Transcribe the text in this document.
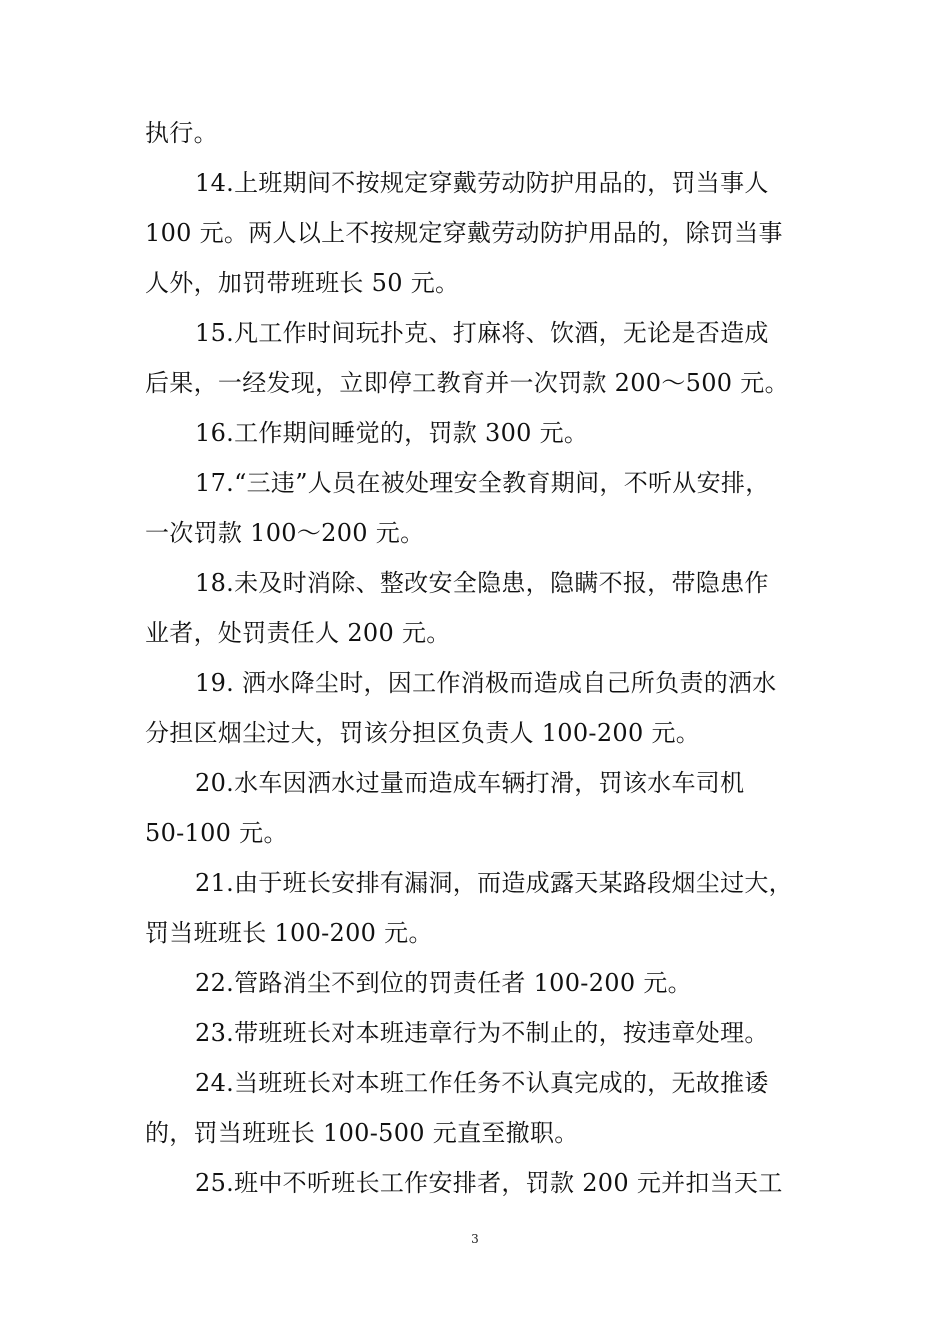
执行。
14.上班期间不按规定穿戴劳动防护用品的，罚当事人
100 元。两人以上不按规定穿戴劳动防护用品的，除罚当事
人外，加罚带班班长 50 元。
15.凡工作时间玩扑克、打麻将、饮酒，无论是否造成
后果，一经发现，立即停工教育并一次罚款 200～500 元。
16.工作期间睡觉的，罚款 300 元。
17.“三违”人员在被处理安全教育期间，不听从安排，
一次罚款 100～200 元。
18.未及时消除、整改安全隐患，隐瞒不报，带隐患作
业者，处罚责任人 200 元。
19. 洒水降尘时，因工作消极而造成自己所负责的洒水
分担区烟尘过大，罚该分担区负责人 100-200 元。
20.水车因洒水过量而造成车辆打滑，罚该水车司机
50-100 元。
21.由于班长安排有漏洞，而造成露天某路段烟尘过大，
罚当班班长 100-200 元。
22.管路消尘不到位的罚责任者 100-200 元。
23.带班班长对本班违章行为不制止的，按违章处理。
24.当班班长对本班工作任务不认真完成的，无故推诿
的，罚当班班长 100-500 元直至撤职。
25.班中不听班长工作安排者，罚款 200 元并扣当天工
3
